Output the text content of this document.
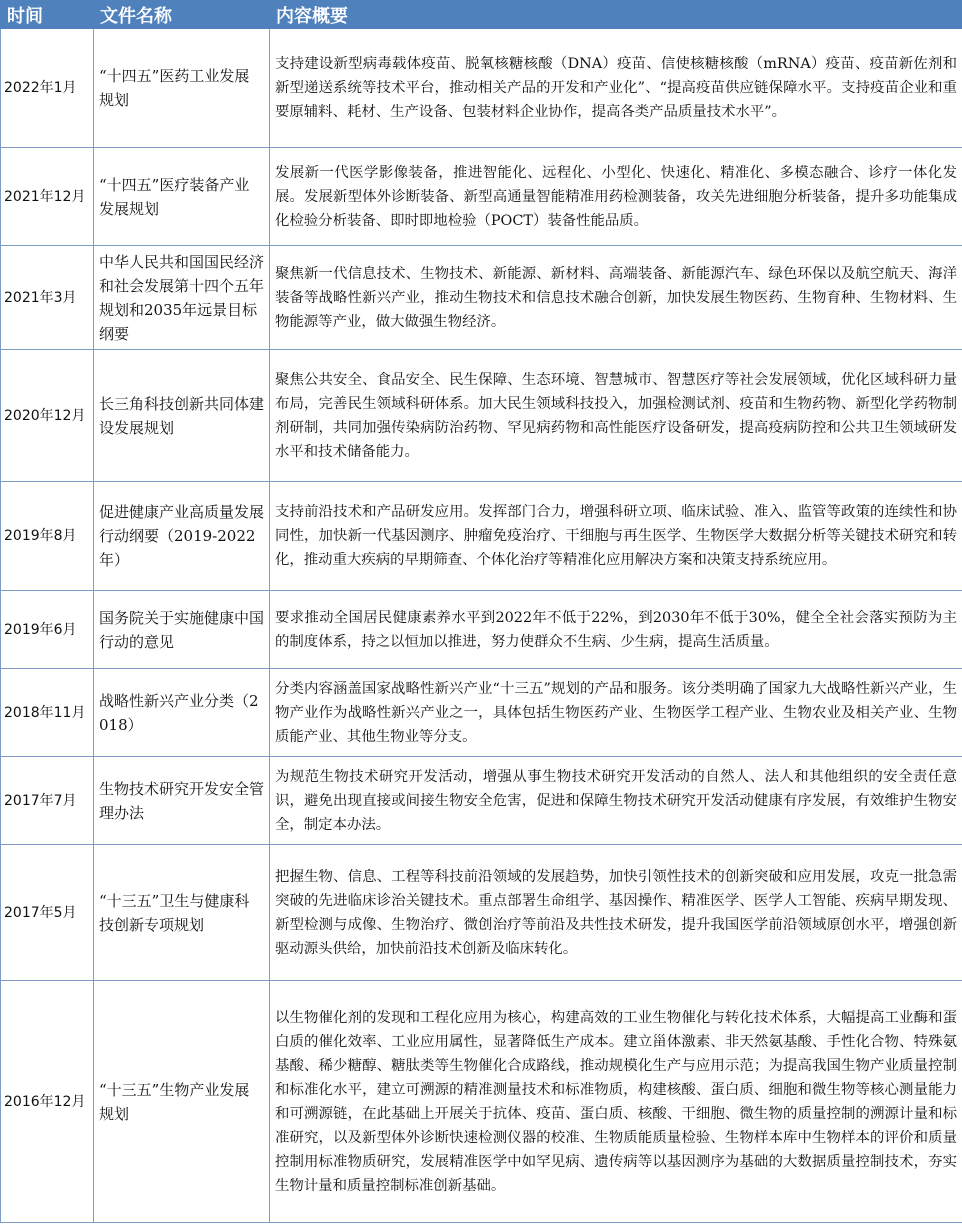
时间	文件名称	内容概要
2022年1月	“十四五”医药工业发展规划	支持建设新型病毒载体疫苗、脱氧核糖核酸（DNA）疫苗、信使核糖核酸（mRNA）疫苗、疫苗新佐剂和新型递送系统等技术平台，推动相关产品的开发和产业化”、“提高疫苗供应链保障水平。支持疫苗企业和重要原辅料、耗材、生产设备、包装材料企业协作，提高各类产品质量技术水平”。
2021年12月	“十四五”医疗装备产业发展规划	发展新一代医学影像装备，推进智能化、远程化、小型化、快速化、精准化、多模态融合、诊疗一体化发展。发展新型体外诊断装备、新型高通量智能精准用药检测装备，攻关先进细胞分析装备，提升多功能集成化检验分析装备、即时即地检验（POCT）装备性能品质。
2021年3月	中华人民共和国国民经济和社会发展第十四个五年规划和2035年远景目标纲要	聚焦新一代信息技术、生物技术、新能源、新材料、高端装备、新能源汽车、绿色环保以及航空航天、海洋装备等战略性新兴产业，推动生物技术和信息技术融合创新，加快发展生物医药、生物育种、生物材料、生物能源等产业，做大做强生物经济。
2020年12月	长三角科技创新共同体建设发展规划	聚焦公共安全、食品安全、民生保障、生态环境、智慧城市、智慧医疗等社会发展领域，优化区域科研力量布局，完善民生领域科研体系。加大民生领域科技投入，加强检测试剂、疫苗和生物药物、新型化学药物制剂研制，共同加强传染病防治药物、罕见病药物和高性能医疗设备研发，提高疫病防控和公共卫生领域研发水平和技术储备能力。
2019年8月	促进健康产业高质量发展行动纲要（2019-2022年）	支持前沿技术和产品研发应用。发挥部门合力，增强科研立项、临床试验、准入、监管等政策的连续性和协同性，加快新一代基因测序、肿瘤免疫治疗、干细胞与再生医学、生物医学大数据分析等关键技术研究和转化，推动重大疾病的早期筛查、个体化治疗等精准化应用解决方案和决策支持系统应用。
2019年6月	国务院关于实施健康中国行动的意见	要求推动全国居民健康素养水平到2022年不低于22%，到2030年不低于30%，健全全社会落实预防为主的制度体系，持之以恒加以推进，努力使群众不生病、少生病，提高生活质量。
2018年11月	战略性新兴产业分类（2018）	分类内容涵盖国家战略性新兴产业“十三五”规划的产品和服务。该分类明确了国家九大战略性新兴产业，生物产业作为战略性新兴产业之一，具体包括生物医药产业、生物医学工程产业、生物农业及相关产业、生物质能产业、其他生物业等分支。
2017年7月	生物技术研究开发安全管理办法	为规范生物技术研究开发活动，增强从事生物技术研究开发活动的自然人、法人和其他组织的安全责任意识，避免出现直接或间接生物安全危害，促进和保障生物技术研究开发活动健康有序发展，有效维护生物安全，制定本办法。
2017年5月	“十三五”卫生与健康科技创新专项规划	把握生物、信息、工程等科技前沿领域的发展趋势，加快引领性技术的创新突破和应用发展，攻克一批急需突破的先进临床诊治关键技术。重点部署生命组学、基因操作、精准医学、医学人工智能、疾病早期发现、新型检测与成像、生物治疗、微创治疗等前沿及共性技术研发，提升我国医学前沿领域原创水平，增强创新驱动源头供给，加快前沿技术创新及临床转化。
2016年12月	“十三五”生物产业发展规划	以生物催化剂的发现和工程化应用为核心，构建高效的工业生物催化与转化技术体系，大幅提高工业酶和蛋白质的催化效率、工业应用属性，显著降低生产成本。建立甾体激素、非天然氨基酸、手性化合物、特殊氨基酸、稀少糖醇、糖肽类等生物催化合成路线，推动规模化生产与应用示范；为提高我国生物产业质量控制和标准化水平，建立可溯源的精准测量技术和标准物质，构建核酸、蛋白质、细胞和微生物等核心测量能力和可溯源链，在此基础上开展关于抗体、疫苗、蛋白质、核酸、干细胞、微生物的质量控制的溯源计量和标准研究，以及新型体外诊断快速检测仪器的校准、生物质能质量检验、生物样本库中生物样本的评价和质量控制用标准物质研究，发展精准医学中如罕见病、遗传病等以基因测序为基础的大数据质量控制技术，夯实生物计量和质量控制标准创新基础。
